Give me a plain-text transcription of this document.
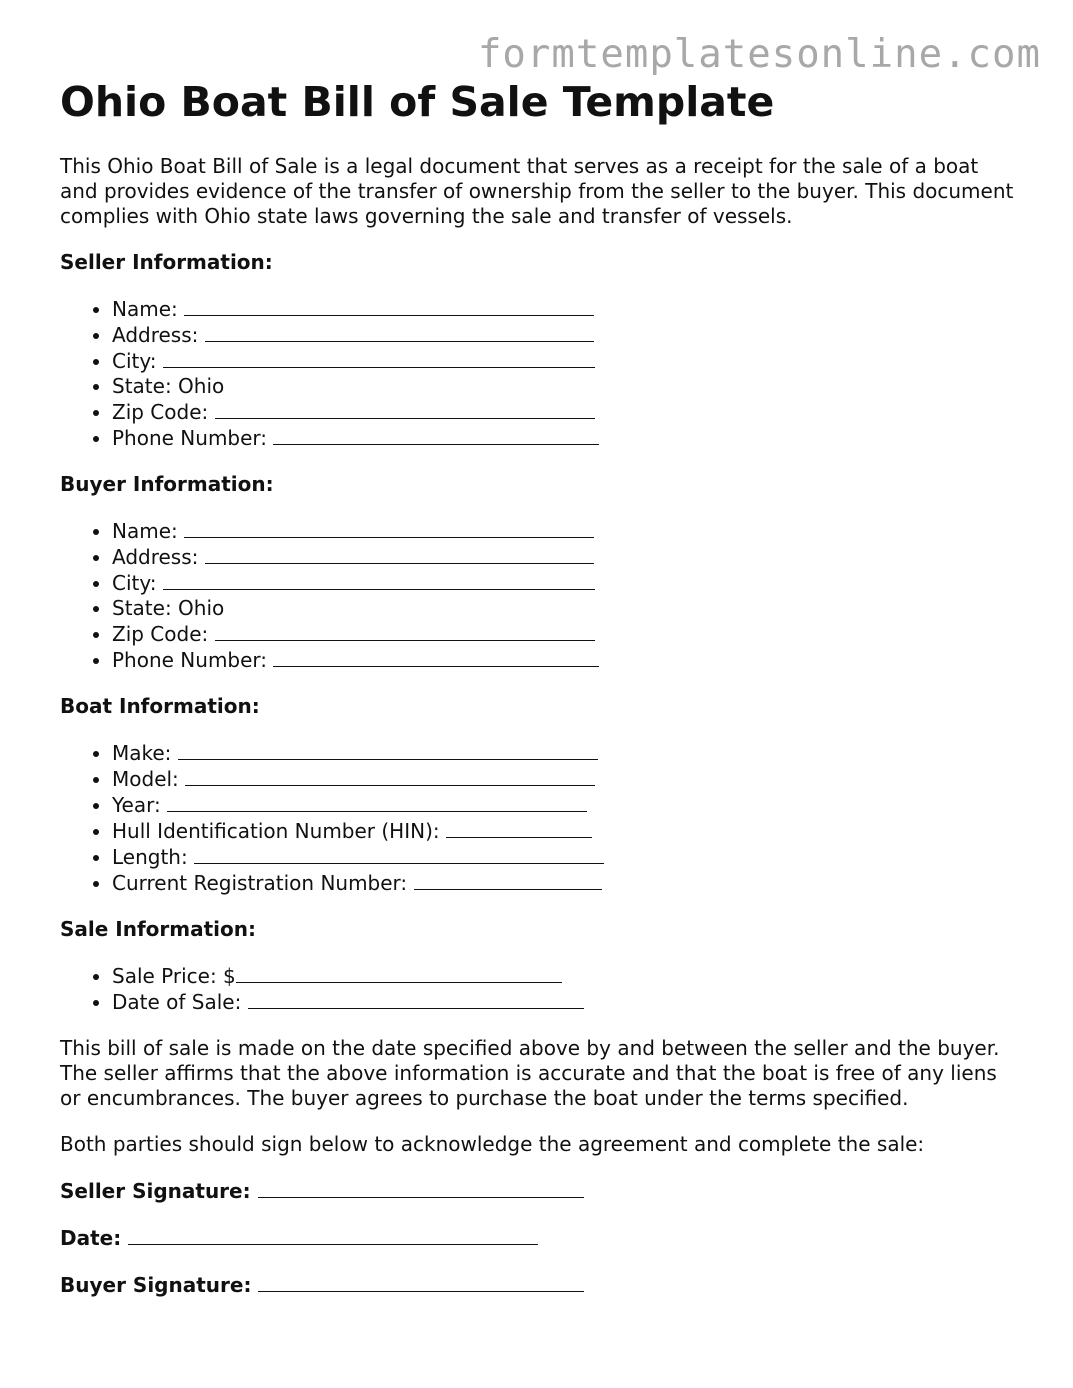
formtemplatesonline.com
Ohio Boat Bill of Sale Template

This Ohio Boat Bill of Sale is a legal document that serves as a receipt for the sale of a boat and provides evidence of the transfer of ownership from the seller to the buyer. This document complies with Ohio state laws governing the sale and transfer of vessels.

Seller Information:
• Name:
• Address:
• City:
• State: Ohio
• Zip Code:
• Phone Number:
Buyer Information:
• Name:
• Address:
• City:
• State: Ohio
• Zip Code:
• Phone Number:
Boat Information:
• Make:
• Model:
• Year:
• Hull Identification Number (HIN):
• Length:
• Current Registration Number:
Sale Information:
• Sale Price: $
• Date of Sale:

This bill of sale is made on the date specified above by and between the seller and the buyer. The seller affirms that the above information is accurate and that the boat is free of any liens or encumbrances. The buyer agrees to purchase the boat under the terms specified.

Both parties should sign below to acknowledge the agreement and complete the sale:

Seller Signature:
Date:
Buyer Signature:
